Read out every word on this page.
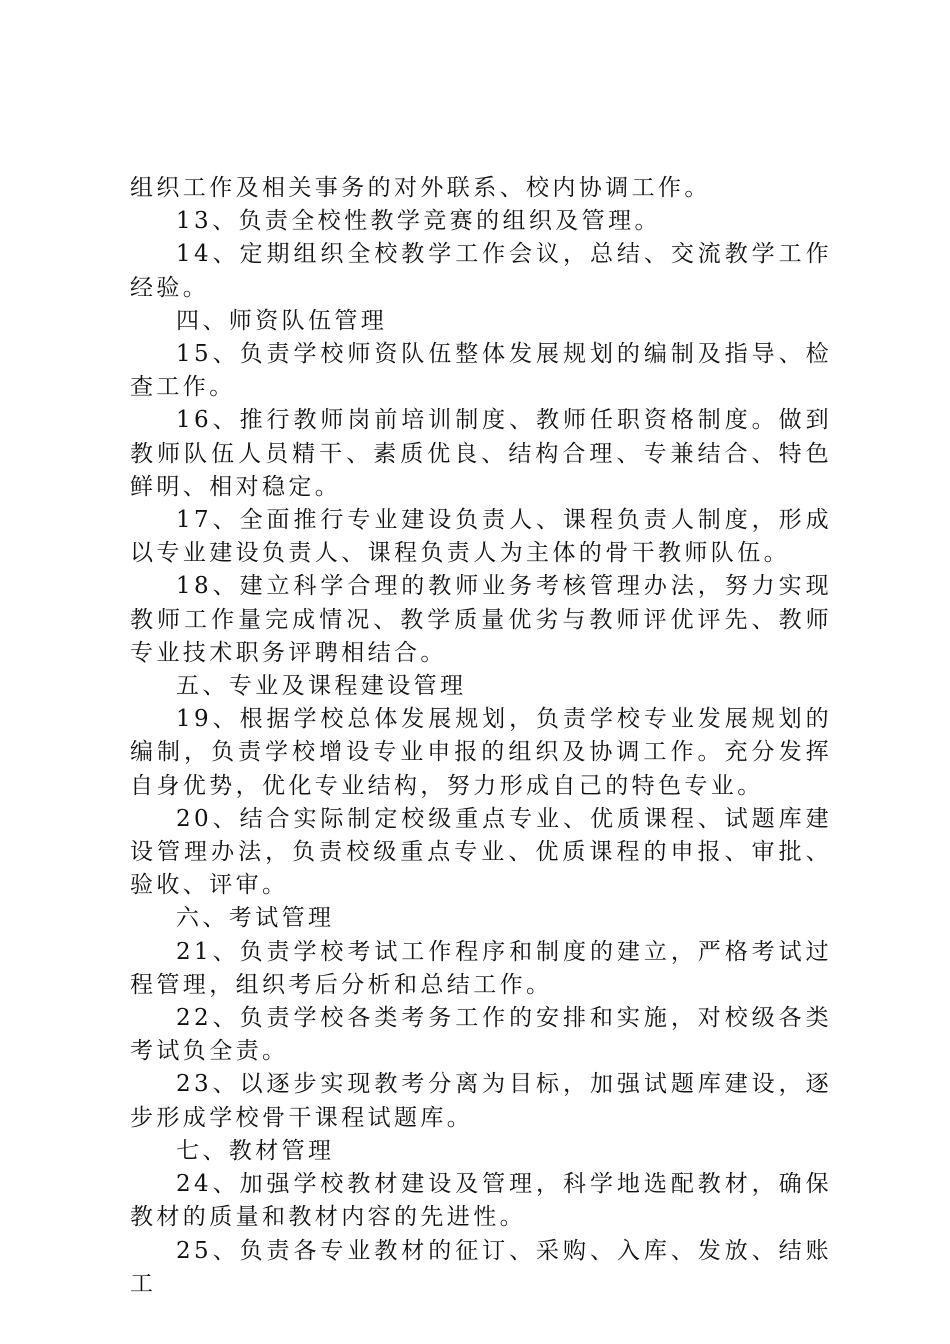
组织工作及相关事务的对外联系、校内协调工作。

13、负责全校性教学竞赛的组织及管理。

14、定期组织全校教学工作会议，总结、交流教学工作经验。

四、师资队伍管理

15、负责学校师资队伍整体发展规划的编制及指导、检查工作。

16、推行教师岗前培训制度、教师任职资格制度。做到教师队伍人员精干、素质优良、结构合理、专兼结合、特色鲜明、相对稳定。

17、全面推行专业建设负责人、课程负责人制度，形成以专业建设负责人、课程负责人为主体的骨干教师队伍。

18、建立科学合理的教师业务考核管理办法，努力实现教师工作量完成情况、教学质量优劣与教师评优评先、教师专业技术职务评聘相结合。

五、专业及课程建设管理

19、根据学校总体发展规划，负责学校专业发展规划的编制，负责学校增设专业申报的组织及协调工作。充分发挥自身优势，优化专业结构，努力形成自己的特色专业。

20、结合实际制定校级重点专业、优质课程、试题库建设管理办法，负责校级重点专业、优质课程的申报、审批、验收、评审。

六、考试管理

21、负责学校考试工作程序和制度的建立，严格考试过程管理，组织考后分析和总结工作。

22、负责学校各类考务工作的安排和实施，对校级各类考试负全责。

23、以逐步实现教考分离为目标，加强试题库建设，逐步形成学校骨干课程试题库。

七、教材管理

24、加强学校教材建设及管理，科学地选配教材，确保教材的质量和教材内容的先进性。

25、负责各专业教材的征订、采购、入库、发放、结账工
